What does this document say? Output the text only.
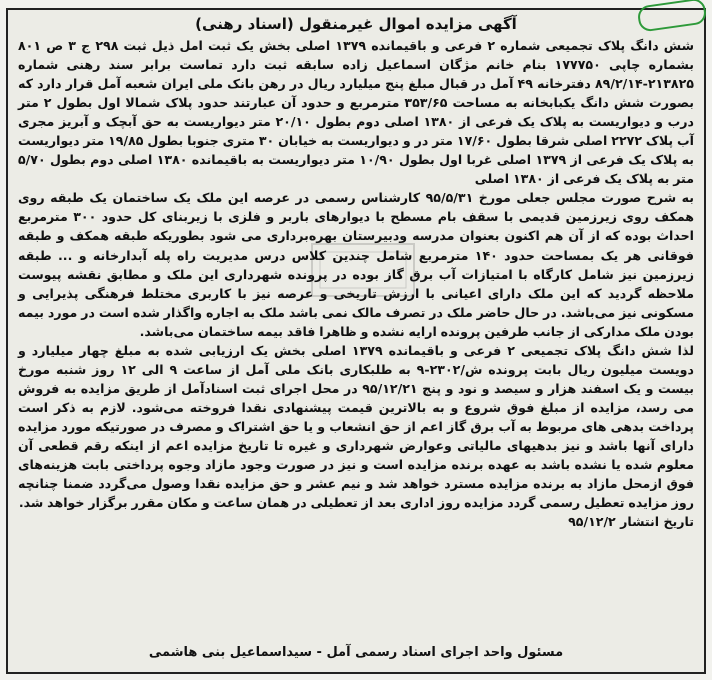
آگهی مزایده اموال غیرمنقول (اسناد رهنی)

شش دانگ پلاک تجمیعی شماره ۲ فرعی و باقیمانده ۱۳۷۹ اصلی بخش یک ثبت امل ذیل ثبت ۲۹۸ ج ۳ ص ۸۰۱ بشماره چاپی ۱۷۷۷۵۰ بنام خانم مژگان اسماعیل زاده سابقه ثبت دارد تماست برابر سند رهنی شماره ۲۱۳۸۲۵-۸۹/۲/۱۴ دفترخانه ۴۹ آمل در قبال مبلغ پنج میلیارد ریال در رهن بانک ملی ایران شعبه آمل قرار دارد که بصورت شش دانگ یکبابخانه به مساحت ۳۵۳/۶۵ مترمربع و حدود آن عبارتند حدود پلاک شمالا اول بطول ۲ متر درب و دیواریست به پلاک یک فرعی از ۱۳۸۰ اصلی دوم بطول ۲۰/۱۰ متر دیواریست به حق آبچک و آبریز مجری آب پلاک ۲۲۷۲ اصلی شرقا بطول ۱۷/۶۰ متر در و دیواریست به خیابان ۳۰ متری جنوبا بطول ۱۹/۸۵ متر دیواریست به پلاک یک فرعی از ۱۳۷۹ اصلی غربا اول بطول ۱۰/۹۰ متر دیواریست به باقیمانده ۱۳۸۰ اصلی دوم بطول ۵/۷۰ متر به پلاک یک فرعی از ۱۳۸۰ اصلی

به شرح صورت مجلس جعلی مورخ ۹۵/۵/۳۱ کارشناس رسمی در عرصه این ملک یک ساختمان یک طبقه روی همکف روی زیرزمین قدیمی با سقف بام مسطح با دیوارهای باربر و فلزی با زیربنای کل حدود ۳۰۰ مترمربع احداث بوده که از آن هم اکنون بعنوان مدرسه ودبیرستان بهره‌برداری می شود بطوریکه طبقه همکف و طبقه فوقانی هر یک بمساحت حدود ۱۴۰ مترمربع شامل چندین کلاس درس مدیریت راه پله آبدارخانه و ... طبقه زیرزمین نیز شامل کارگاه با امتیازات آب برق گاز بوده در پرونده شهرداری این ملک و مطابق نقشه پیوست ملاحظه گردید که این ملک دارای اعیانی با ارزش تاریخی و عرصه نیز با کاربری مختلط فرهنگی پذیرایی و مسکونی نیز می‌باشد. در حال حاضر ملک در تصرف مالک نمی باشد ملک به اجاره واگذار شده است در مورد بیمه بودن ملک مدارکی از جانب طرفین پرونده ارایه نشده و ظاهرا فاقد بیمه ساختمان می‌باشد.

لذا شش دانگ پلاک تجمیعی ۲ فرعی و باقیمانده ۱۳۷۹ اصلی بخش یک ارزیابی شده به مبلغ چهار میلیارد و دویست میلیون ریال بابت پرونده ش/۲۳۰۲-۹ به طلبکاری بانک ملی آمل از ساعت ۹ الی ۱۲ روز شنبه مورخ بیست و یک اسفند هزار و سیصد و نود و پنج ۹۵/۱۲/۲۱ در محل اجرای ثبت اسنادآمل از طریق مزایده به فروش می رسد، مزایده از مبلغ فوق شروع و به بالاترین قیمت پیشنهادی نقدا فروخته می‌شود. لازم به ذکر است پرداخت بدهی های مربوط به آب برق گاز اعم از حق انشعاب و یا حق اشتراک و مصرف در صورتیکه مورد مزایده دارای آنها باشد و نیز بدهیهای مالیاتی وعوارض شهرداری و غیره تا تاریخ مزایده اعم از اینکه رقم قطعی آن معلوم شده یا نشده باشد به عهده برنده مزایده است و نیز در صورت وجود مازاد وجوه پرداختی بابت هزینه‌های فوق ازمحل مازاد به برنده مزایده مسترد خواهد شد و نیم عشر و حق مزایده نقدا وصول می‌گردد ضمنا چنانچه روز مزایده تعطیل رسمی گردد مزایده روز اداری بعد از تعطیلی در همان ساعت و مکان مقرر برگزار خواهد شد.

تاریخ انتشار ۹۵/۱۲/۲

مسئول واحد اجرای اسناد رسمی آمل - سیداسماعیل بنی هاشمی
